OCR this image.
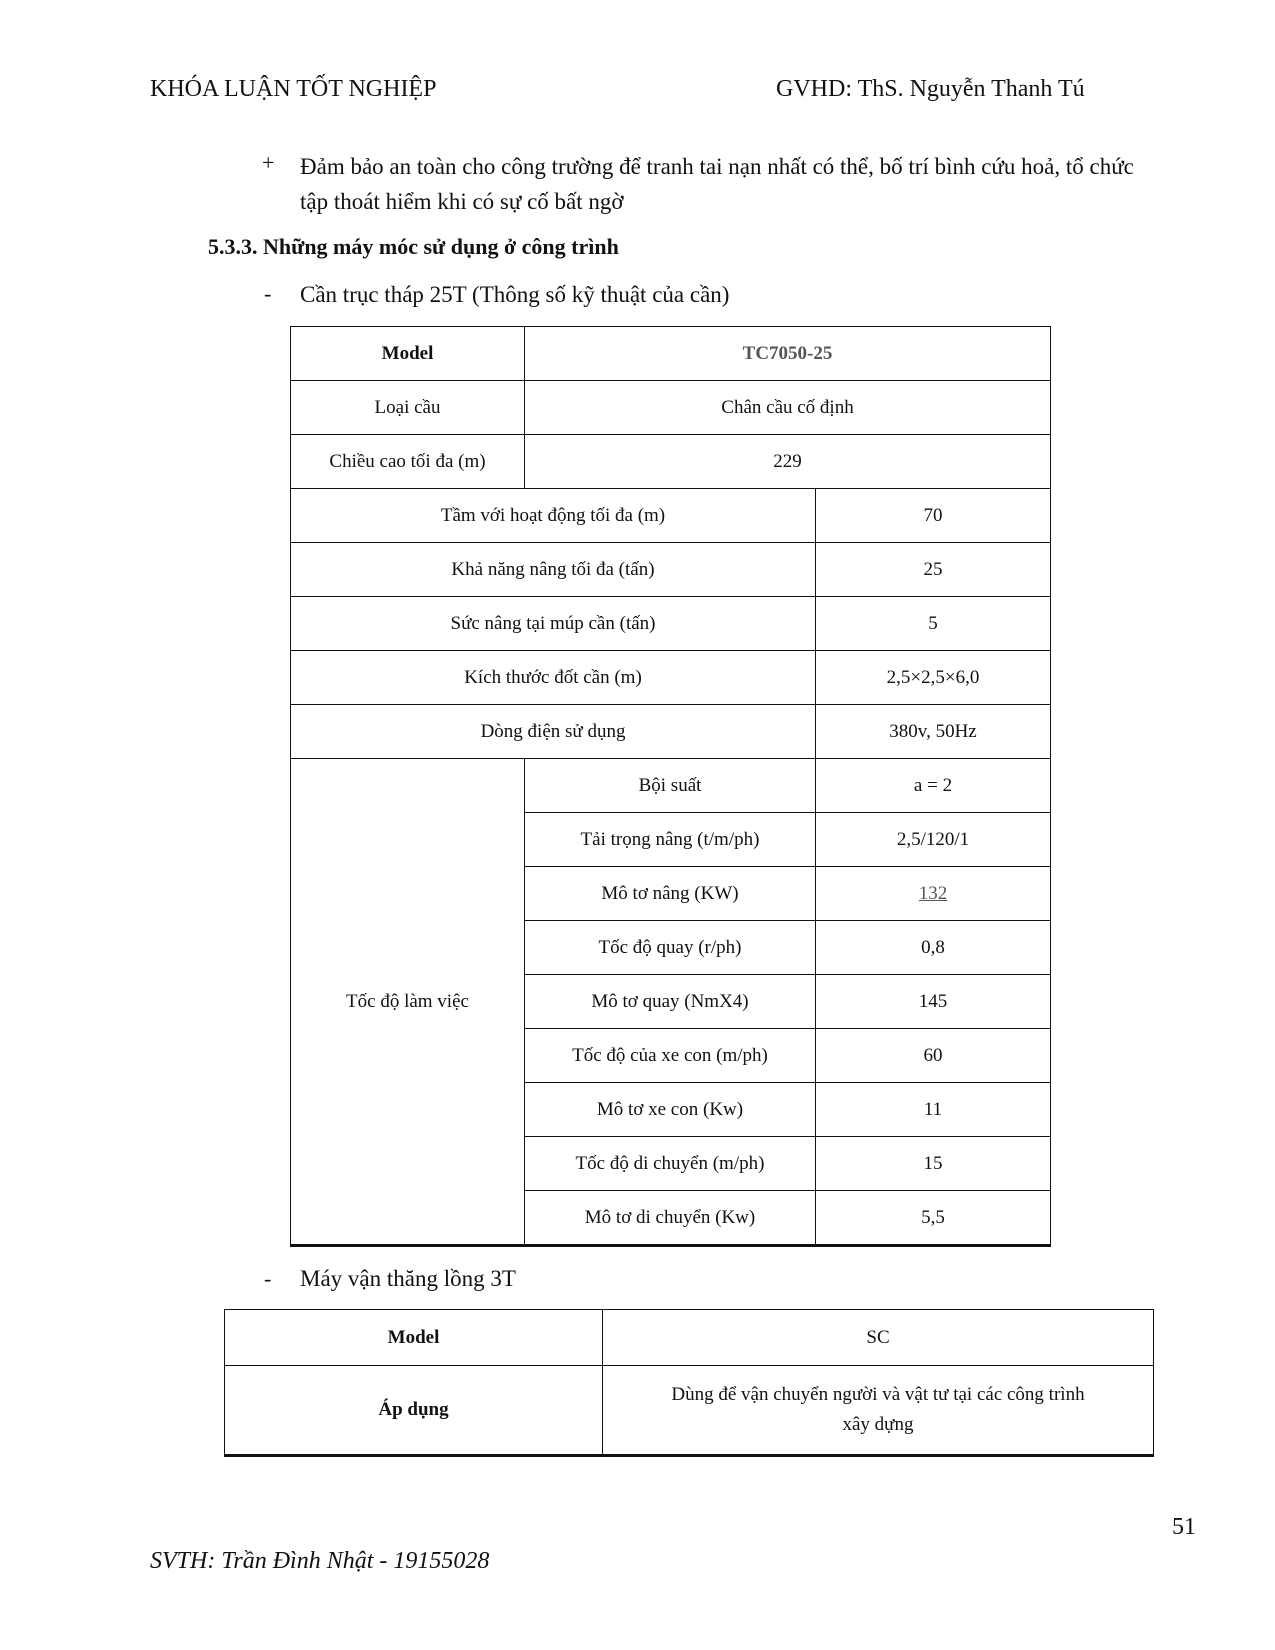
KHÓA LUẬN TỐT NGHIỆP	GVHD: ThS. Nguyễn Thanh Tú
+ Đảm bảo an toàn cho công trường để tranh tai nạn nhất có thể, bố trí bình cứu hoả, tổ chức
tập thoát hiểm khi có sự cố bất ngờ
5.3.3. Những máy móc sử dụng ở công trình
- Cần trục tháp 25T (Thông số kỹ thuật của cần)
Model	TC7050-25	
Loại cầu	Chân cầu cố định	
Chiều cao tối đa (m)	229	
Tầm với hoạt động tối đa (m)		70
Khả năng nâng tối đa (tấn)		25
Sức nâng tại múp cần (tấn)		5
Kích thước đốt cần (m)		2,5×2,5×6,0
Dòng điện sử dụng		380v, 50Hz
Tốc độ làm việc	Bội suất	a = 2
	Tải trọng nâng (t/m/ph)	2,5/120/1
	Mô tơ nâng (KW)	132
	Tốc độ quay (r/ph)	0,8
	Mô tơ quay (NmX4)	145
	Tốc độ của xe con (m/ph)	60
	Mô tơ xe con (Kw)	11
	Tốc độ di chuyển (m/ph)	15
	Mô tơ di chuyển (Kw)	5,5
- Máy vận thăng lồng 3T
Model	SC
Áp dụng	Dùng để vận chuyển người và vật tư tại các công trình
xây dựng
51
SVTH: Trần Đình Nhật - 19155028
